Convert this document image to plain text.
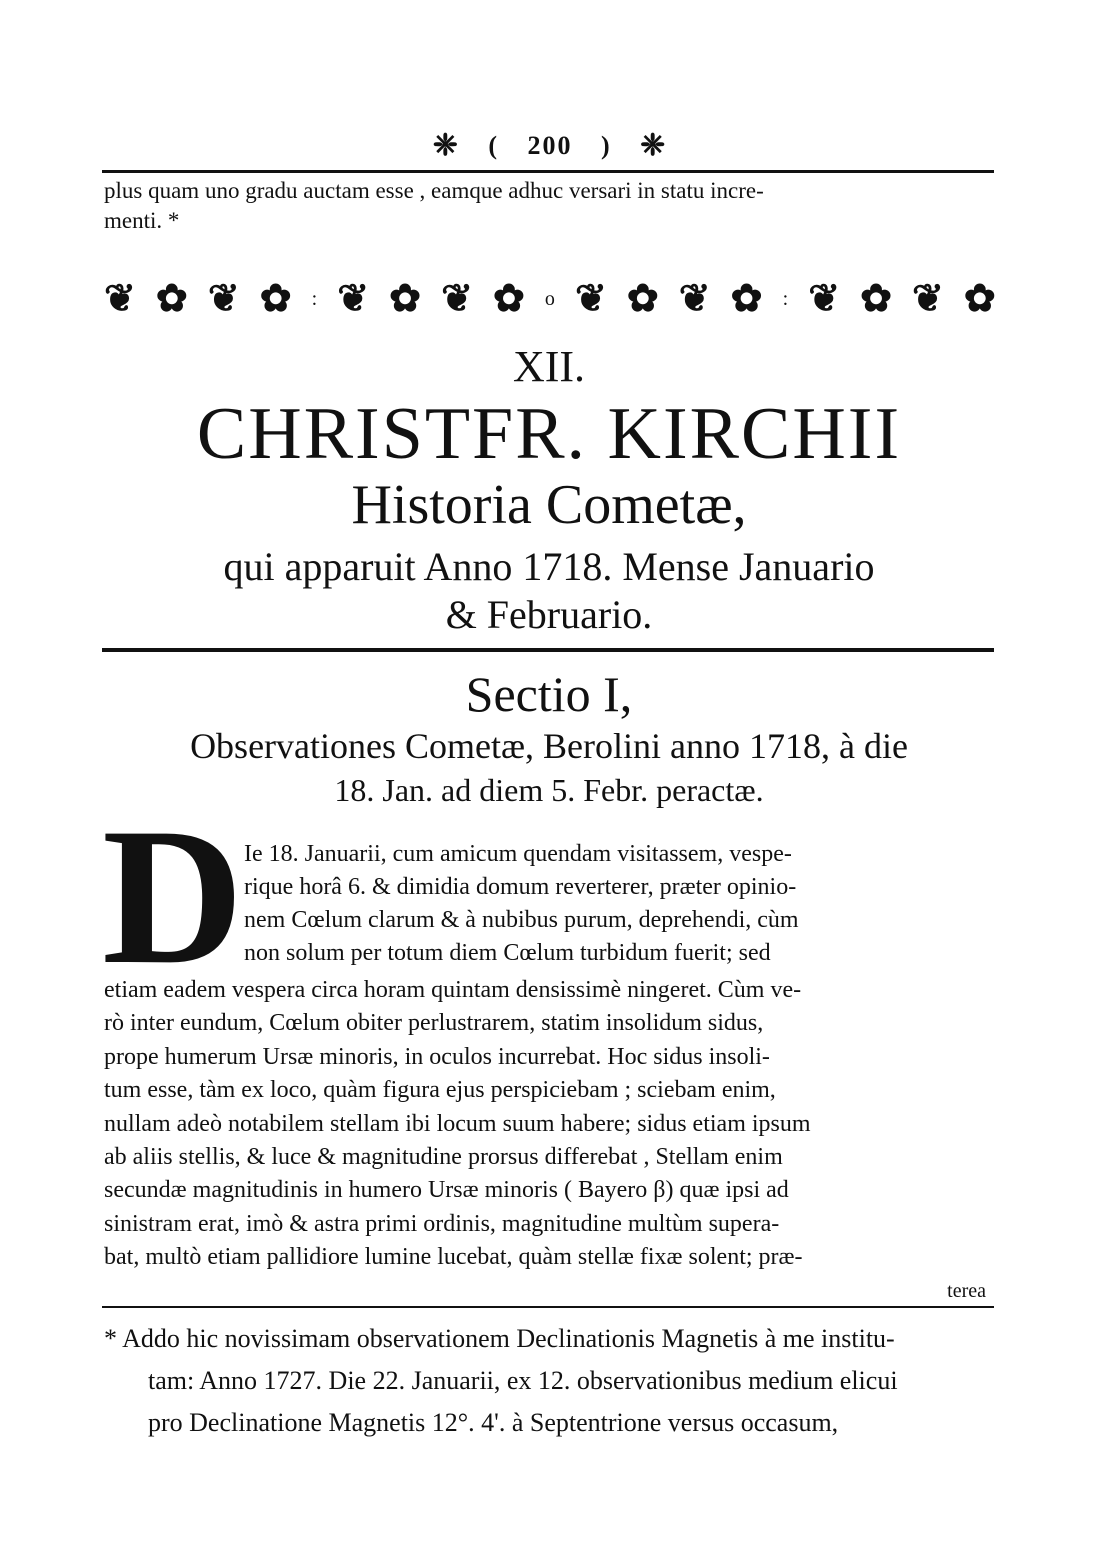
❈ ( 200 ) ❈
plus quam uno gradu auctam esse , eamque adhuc versari in statu incre-
menti. *
❦ ✿ ❦ ✿ : ❦ ✿ ❦ ✿ o ❦ ✿ ❦ ✿ : ❦ ✿ ❦ ✿
XII.
CHRISTFR. KIRCHII
Historia Cometæ,
qui apparuit Anno 1718. Mense Januario
& Februario.
Sectio I,
Observationes Cometæ, Berolini anno 1718, à die
18. Jan. ad diem 5. Febr. peractæ.
D Ie 18. Januarii, cum amicum quendam visitassem, vespe-
rique horâ 6. & dimidia domum reverterer, præter opinio-
nem Cœlum clarum & à nubibus purum, deprehendi, cùm
non solum per totum diem Cœlum turbidum fuerit; sed
etiam eadem vespera circa horam quintam densissimè ningeret. Cùm ve-
rò inter eundum, Cœlum obiter perlustrarem, statim insolidum sidus,
prope humerum Ursæ minoris, in oculos incurrebat. Hoc sidus insoli-
tum esse, tàm ex loco, quàm figura ejus perspiciebam ; sciebam enim,
nullam adeò notabilem stellam ibi locum suum habere; sidus etiam ipsum
ab aliis stellis, & luce & magnitudine prorsus differebat , Stellam enim
secundæ magnitudinis in humero Ursæ minoris ( Bayero β) quæ ipsi ad
sinistram erat, imò & astra primi ordinis, magnitudine multùm supera-
bat, multò etiam pallidiore lumine lucebat, quàm stellæ fixæ solent; præ-
terea
* Addo hic novissimam observationem Declinationis Magnetis à me institu-
tam: Anno 1727. Die 22. Januarii, ex 12. observationibus medium elicui
pro Declinatione Magnetis 12°. 4'. à Septentrione versus occasum,
